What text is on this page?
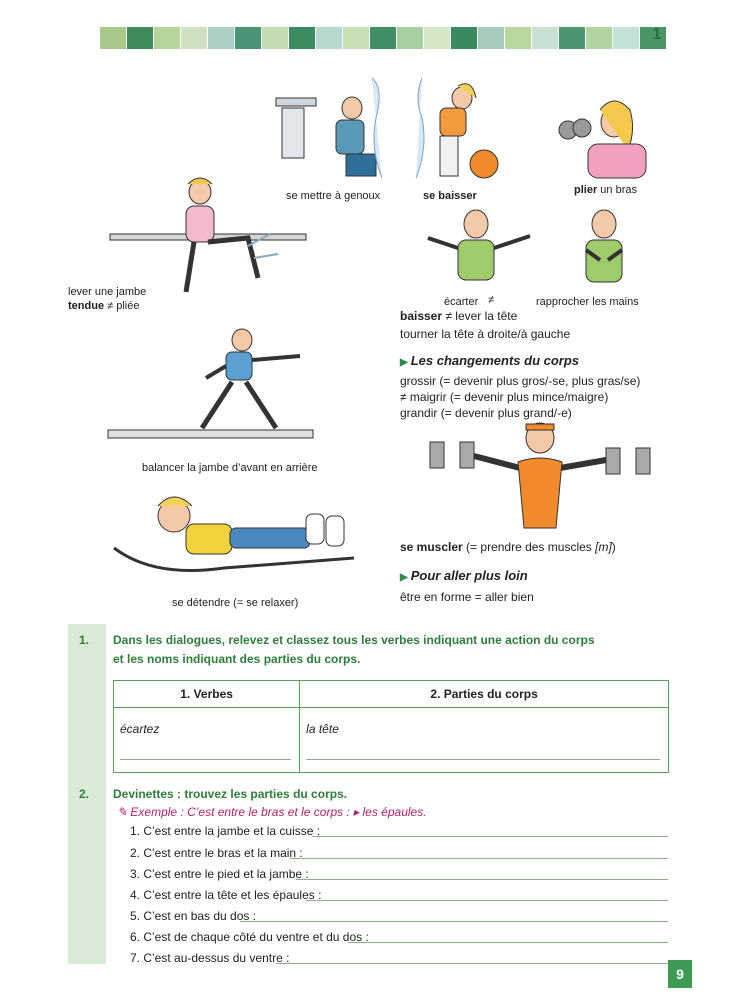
1
se mettre à genoux	se baisser	plier un bras
lever une jambe
tendue ≠ pliée	écarter ≠	rapprocher les mains
baisser ≠ lever la tête
tourner la tête à droite/à gauche
▶ Les changements du corps
grossir (= devenir plus gros/-se, plus gras/se)
≠ maigrir (= devenir plus mince/maigre)
grandir (= devenir plus grand/-e)
balancer la jambe d’avant en arrière
se muscler (= prendre des muscles [m])
▶ Pour aller plus loin
être en forme = aller bien
se détendre (= se relaxer)
1. Dans les dialogues, relevez et classez tous les verbes indiquant une action du corps
et les noms indiquant des parties du corps.
1. Verbes	2. Parties du corps
écartez	la tête
2. Devinettes : trouvez les parties du corps.
✎ Exemple : C’est entre le bras et le corps : ▸ les épaules.
1. C’est entre la jambe et la cuisse :
2. C’est entre le bras et la main :
3. C’est entre le pied et la jambe :
4. C’est entre la tête et les épaules :
5. C’est en bas du dos :
6. C’est de chaque côté du ventre et du dos :
7. C’est au-dessus du ventre :
9
